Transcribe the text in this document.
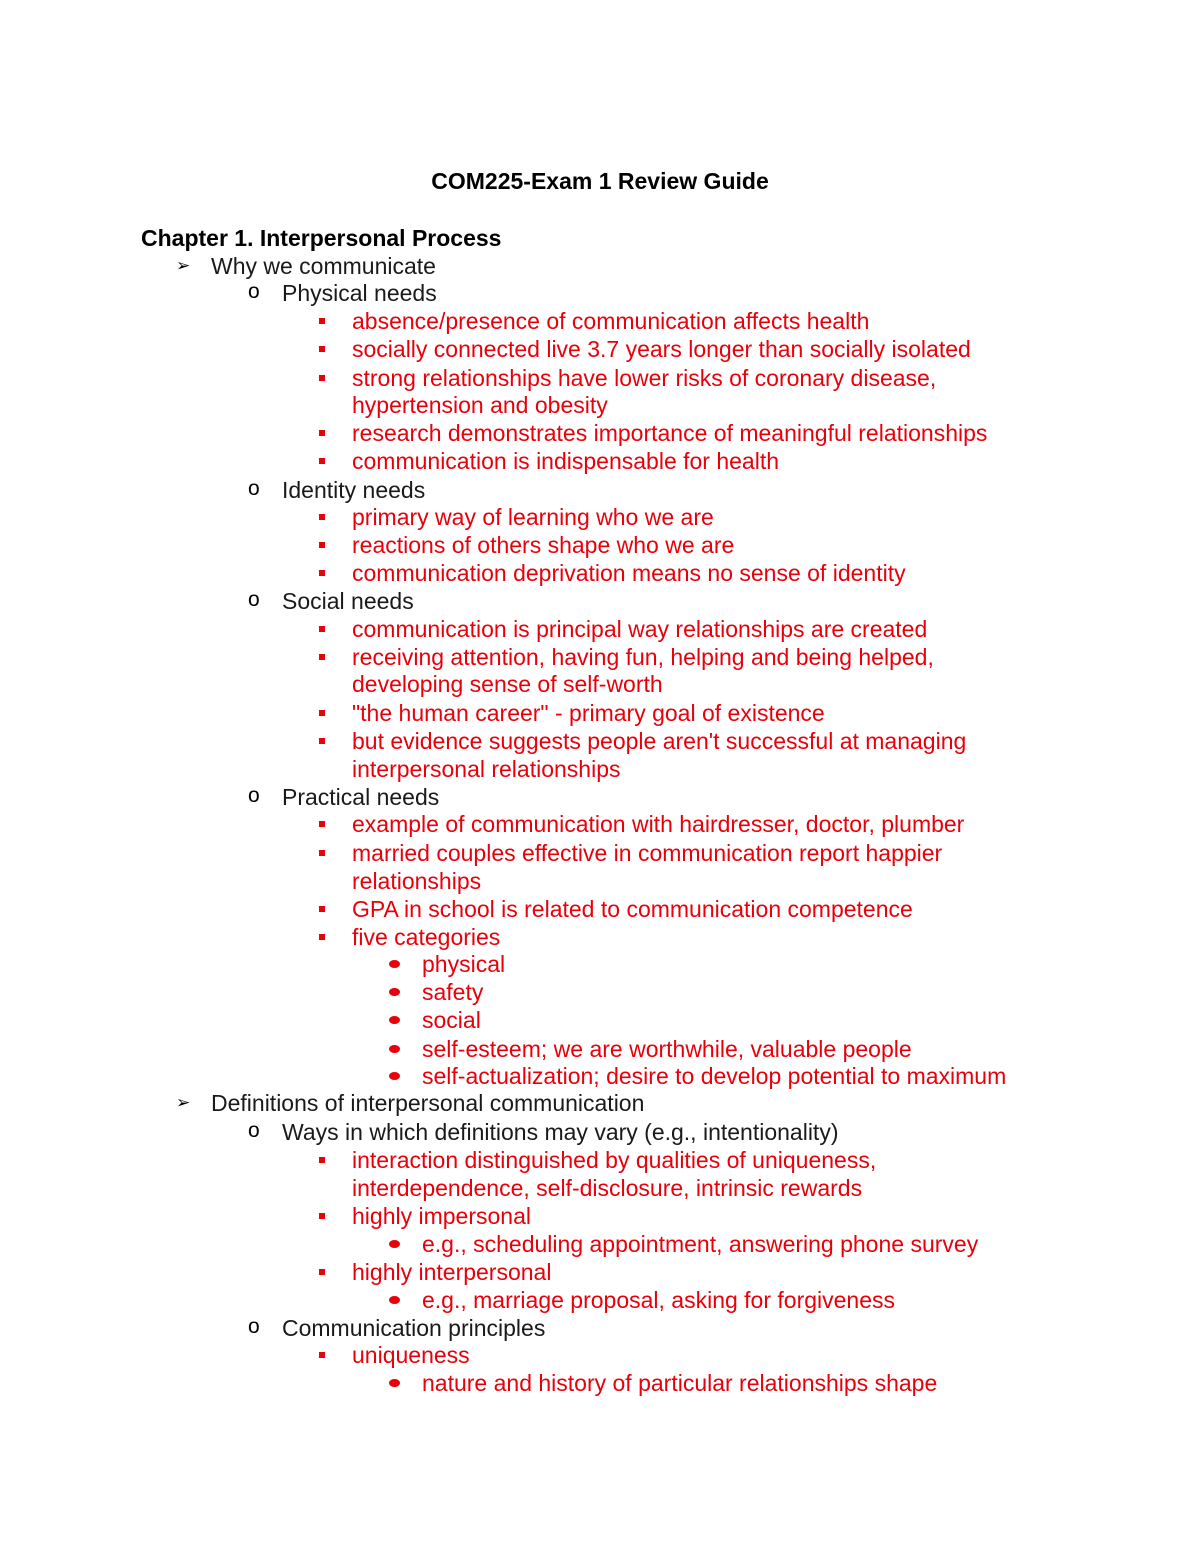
COM225-Exam 1 Review Guide
Chapter 1. Interpersonal Process
➢ Why we communicate
o Physical needs
absence/presence of communication affects health
socially connected live 3.7 years longer than socially isolated
strong relationships have lower risks of coronary disease,
hypertension and obesity
research demonstrates importance of meaningful relationships
communication is indispensable for health
o Identity needs
primary way of learning who we are
reactions of others shape who we are
communication deprivation means no sense of identity
o Social needs
communication is principal way relationships are created
receiving attention, having fun, helping and being helped,
developing sense of self-worth
"the human career" - primary goal of existence
but evidence suggests people aren't successful at managing
interpersonal relationships
o Practical needs
example of communication with hairdresser, doctor, plumber
married couples effective in communication report happier
relationships
GPA in school is related to communication competence
five categories
physical
safety
social
self-esteem; we are worthwhile, valuable people
self-actualization; desire to develop potential to maximum
➢ Definitions of interpersonal communication
o Ways in which definitions may vary (e.g., intentionality)
interaction distinguished by qualities of uniqueness,
interdependence, self-disclosure, intrinsic rewards
highly impersonal
e.g., scheduling appointment, answering phone survey
highly interpersonal
e.g., marriage proposal, asking for forgiveness
o Communication principles
uniqueness
nature and history of particular relationships shape
